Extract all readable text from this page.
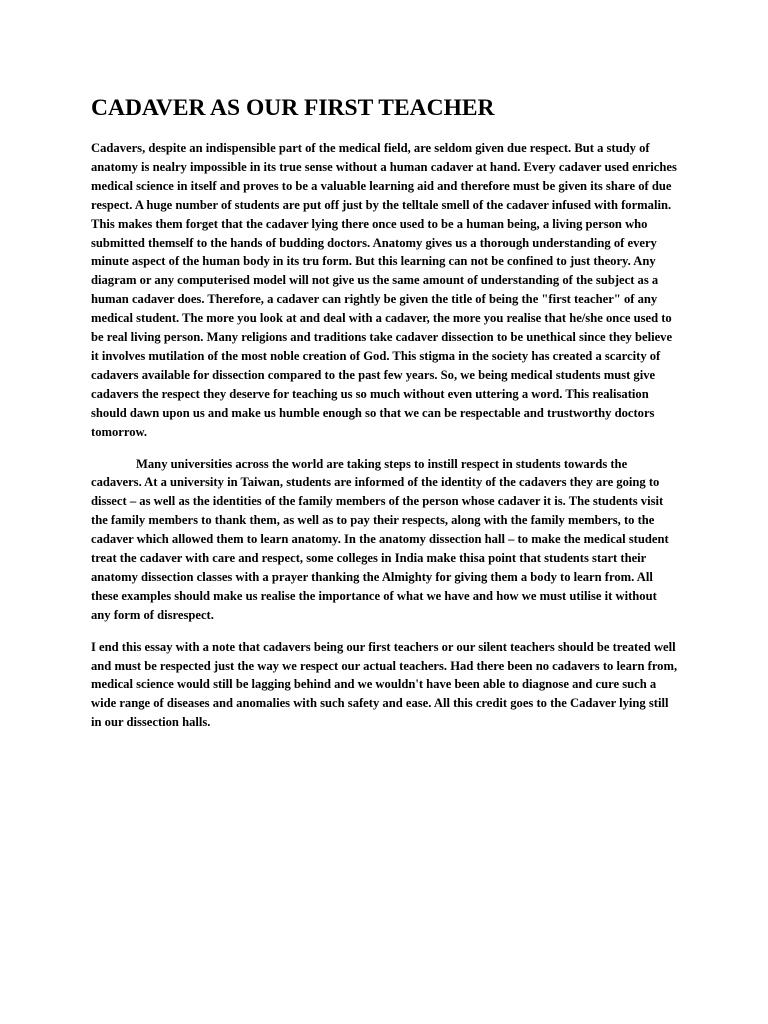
CADAVER AS OUR FIRST TEACHER

Cadavers, despite an indispensible part of the medical field, are seldom given due respect. But a study of anatomy is nealry impossible in its true sense without a human cadaver at hand. Every cadaver used enriches medical science in itself and proves to be a valuable learning aid and therefore must be given its share of due respect. A huge number of students are put off just by the telltale smell of the cadaver infused with formalin. This makes them forget that the cadaver lying there once used to be a human being, a living person who submitted themself to the hands of budding doctors. Anatomy gives us a thorough understanding of every minute aspect of the human body in its tru form. But this learning can not be confined to just theory. Any diagram or any computerised model will not give us the same amount of understanding of the subject as a human cadaver does. Therefore, a cadaver can rightly be given the title of being the "first teacher" of any medical student. The more you look at and deal with a cadaver, the more you realise that he/she once used to be real living person. Many religions and traditions take cadaver dissection to be unethical since they believe it involves mutilation of the most noble creation of God. This stigma in the society has created a scarcity of cadavers available for dissection compared to the past few years. So, we being medical students must give cadavers the respect they deserve for teaching us so much without even uttering a word. This realisation should dawn upon us and make us humble enough so that we can be respectable and trustworthy doctors tomorrow.

Many universities across the world are taking steps to instill respect in students towards the cadavers. At a university in Taiwan, students are informed of the identity of the cadavers they are going to dissect – as well as the identities of the family members of the person whose cadaver it is. The students visit the family members to thank them, as well as to pay their respects, along with the family members, to the cadaver which allowed them to learn anatomy. In the anatomy dissection hall – to make the medical student treat the cadaver with care and respect, some colleges in India make thisa point that students start their anatomy dissection classes with a prayer thanking the Almighty for giving them a body to learn from. All these examples should make us realise the importance of what we have and how we must utilise it without any form of disrespect.

I end this essay with a note that cadavers being our first teachers or our silent teachers should be treated well and must be respected just the way we respect our actual teachers. Had there been no cadavers to learn from, medical science would still be lagging behind and we wouldn't have been able to diagnose and cure such a wide range of diseases and anomalies with such safety and ease. All this credit goes to the Cadaver lying still in our dissection halls.
